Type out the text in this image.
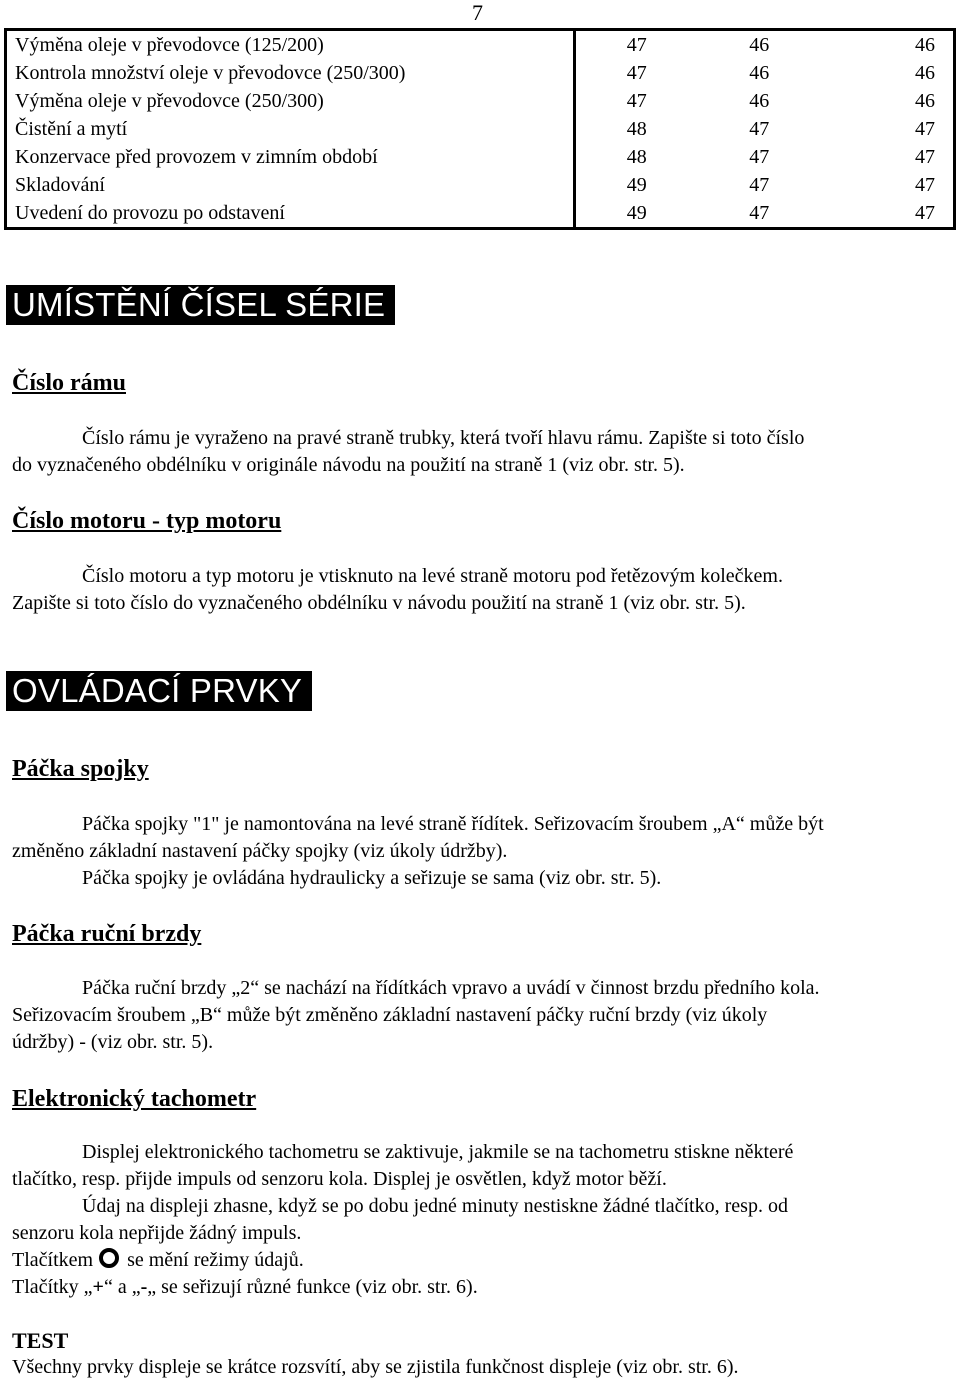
7
Výměna oleje v převodovce (125/200)	47	46	46
Kontrola množství oleje v převodovce (250/300)	47	46	46
Výměna oleje v převodovce (250/300)	47	46	46
Čistění a mytí	48	47	47
Konzervace před provozem v zimním období	48	47	47
Skladování	49	47	47
Uvedení do provozu po odstavení	49	47	47
UMÍSTĚNÍ ČÍSEL SÉRIE
Číslo rámu

Číslo rámu je vyraženo na pravé straně trubky, která tvoří hlavu rámu. Zapište si toto číslo
do vyznačeného obdélníku v originále návodu na použití na straně 1 (viz obr. str. 5).

Číslo motoru - typ motoru

Číslo motoru a typ motoru je vtisknuto na levé straně motoru pod řetězovým kolečkem.
Zapište si toto číslo do vyznačeného obdélníku v návodu použití na straně 1 (viz obr. str. 5).

OVLÁDACÍ PRVKY
Páčka spojky

Páčka spojky "1" je namontována na levé straně řídítek. Seřizovacím šroubem „A“ může být
změněno základní nastavení páčky spojky (viz úkoly údržby).
Páčka spojky je ovládána hydraulicky a seřizuje se sama (viz obr. str. 5).

Páčka ruční brzdy

Páčka ruční brzdy „2“ se nachází na řídítkách vpravo a uvádí v činnost brzdu předního kola.
Seřizovacím šroubem „B“ může být změněno základní nastavení páčky ruční brzdy (viz úkoly
údržby) - (viz obr. str. 5).

Elektronický tachometr

Displej elektronického tachometru se zaktivuje, jakmile se na tachometru stiskne některé
tlačítko, resp. přijde impuls od senzoru kola. Displej je osvětlen, když motor běží.
Údaj na displeji zhasne, když se po dobu jedné minuty nestiskne žádné tlačítko, resp. od
senzoru kola nepřijde žádný impuls.
Tlačítkem se mění režimy údajů.
Tlačítky „+“ a „-„ se seřizují různé funkce (viz obr. str. 6).

TEST

Všechny prvky displeje se krátce rozsvítí, aby se zjistila funkčnost displeje (viz obr. str. 6).
